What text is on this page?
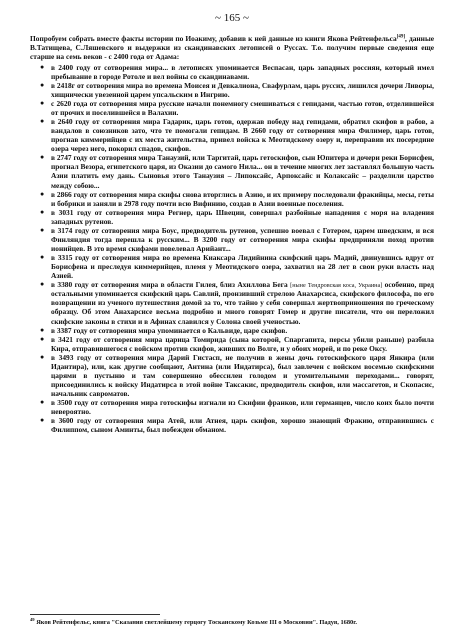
~ 165 ~

Попробуем собрать вместе факты истории по Иоакиму, добавив к ней данные из книги Якова Рейтенфельса[49], данные В.Татищева, С.Ляшевского и выдержки из скандинавских летописей о Руссах. Т.о. получим первые сведения еще старше на семь веков - с 2400 года от Адама:

● в 2400 году от сотворения мира... в летописях упоминается Веспасан, царь западных россиян, который имел пребывание в городе Ротоле и вел войны со скандинавами.
● в 2418г от сотворения мира во времена Моисея и Девкалиона, Свафурлам, царь руссих, лишился дочери Ливоры, хищнически увезенной царем упсальским в Ингрию.
● с 2620 года от сотворения мира русские начали понемногу смешиваться с гепидами, частью готов, отделившейся от прочих и поселившейся в Валахии.
● в 2640 году от сотворения мира Гадарик, царь готов, одержав победу над гепидами, обратил скифов в рабов, а вандалов в союзников зато, что те помогали гепидам. В 2660 году от сотворения мира Филимер, царь готов, прогнав киммерийцев с их места жительства, привел войска к Меотидскому озеру и, переправив их посередине озера через него, покорил спадов, скифов.
● в 2747 году от сотворения мира Танаузий, или Таргитай, царь гетоскифов, сын Юпитера и дочери реки Борисфен, прогнал Везора, египетского царя, из Оказии до самого Нила... он в течение многих лет заставлял большую часть Азии платить ему дань. Сыновья этого Танаузия – Липоксайс, Арпоксайс и Колаксайс – разделили царство между собою...
● в 2866 году от сотворения мира скифы снова вторглись в Азию, и их примеру последовали фракийцы, месы, геты и бобрики и заняли в 2978 году почти всю Вифинию, создав в Азии военные поселения.
● в 3031 году от сотворения мира Регнер, царь Швеции, совершал разбойные нападения с моря на владения западных рутенов.
● в 3174 году от сотворения мира Боус, предводитель рутенов, успешно воевал с Готером, царем шведским, и вся Финляндия тогда перешла к русским... В 3200 году от сотворения мира скифы предприняли поход против ионийцев. В это время скифами повелевал Арийант...
● в 3315 году от сотворения мира во времена Киаксара Лидийнина скифский царь Мадий, двинувшись вдруг от Борисфена и преследуя киммерийцев, племя у Меотидского озера, захватил на 28 лет в свои руки власть над Азией.
● в 3380 году от сотворения мира в области Гилея, близ Ахиллова Бега [ныне Тендровская коса, Украина] особенно, пред остальными упоминается скифский царь Савлий, пронзивший стрелою Анахарсиса, скифского философа, по его возвращении из ученого путешествия домой за то, что тайно у себя совершал жертвоприношения по греческому образцу. Об этом Анахарсисе весьма подробно и много говорят Гомер и другие писатели, что он переложил скифские законы в стихи и в Афинах славился у Солона своей ученостью.
● в 3387 году от сотворения мира упоминается о Кальвиде, царе скифов.
● в 3421 году от сотворения мира царица Томирида (сына которой, Спаргапита, персы убили раньше) разбила Кира, отправившегося с войском против скифов, живших по Волге, и у обоих морей, и по реке Оксу.
● в 3493 году от сотворения мира Дарий Гистасп, не получив в жены дочь готоскифского царя Янкира (или Идантира), или, как другие сообщают, Антина (или Индатирса), был завлечен с войском восемью скифскими царями в пустыню и там совершенно обессилен голодом и утомительными переходами... говорят, присоединились к войску Индатирса в этой войне Таксакис, предводитель скифов, или массагетов, и Скопасис, начальник савроматов.
● в 3500 году от сотворения мира готоскифы изгнали из Скифии франков, или германцев, число коих было почти невероятно.
● в 3600 году от сотворения мира Атей, или Атнея, царь скифов, хорошо знающий Фракию, отправившись с Филиппом, сыном Аминты, был побежден обманом.
$^{49}$ Яков Рейтенфельс, книга "Сказания светлейшему герцогу Тосканскому Козьме III о Московии". Падуя, 1680г.
